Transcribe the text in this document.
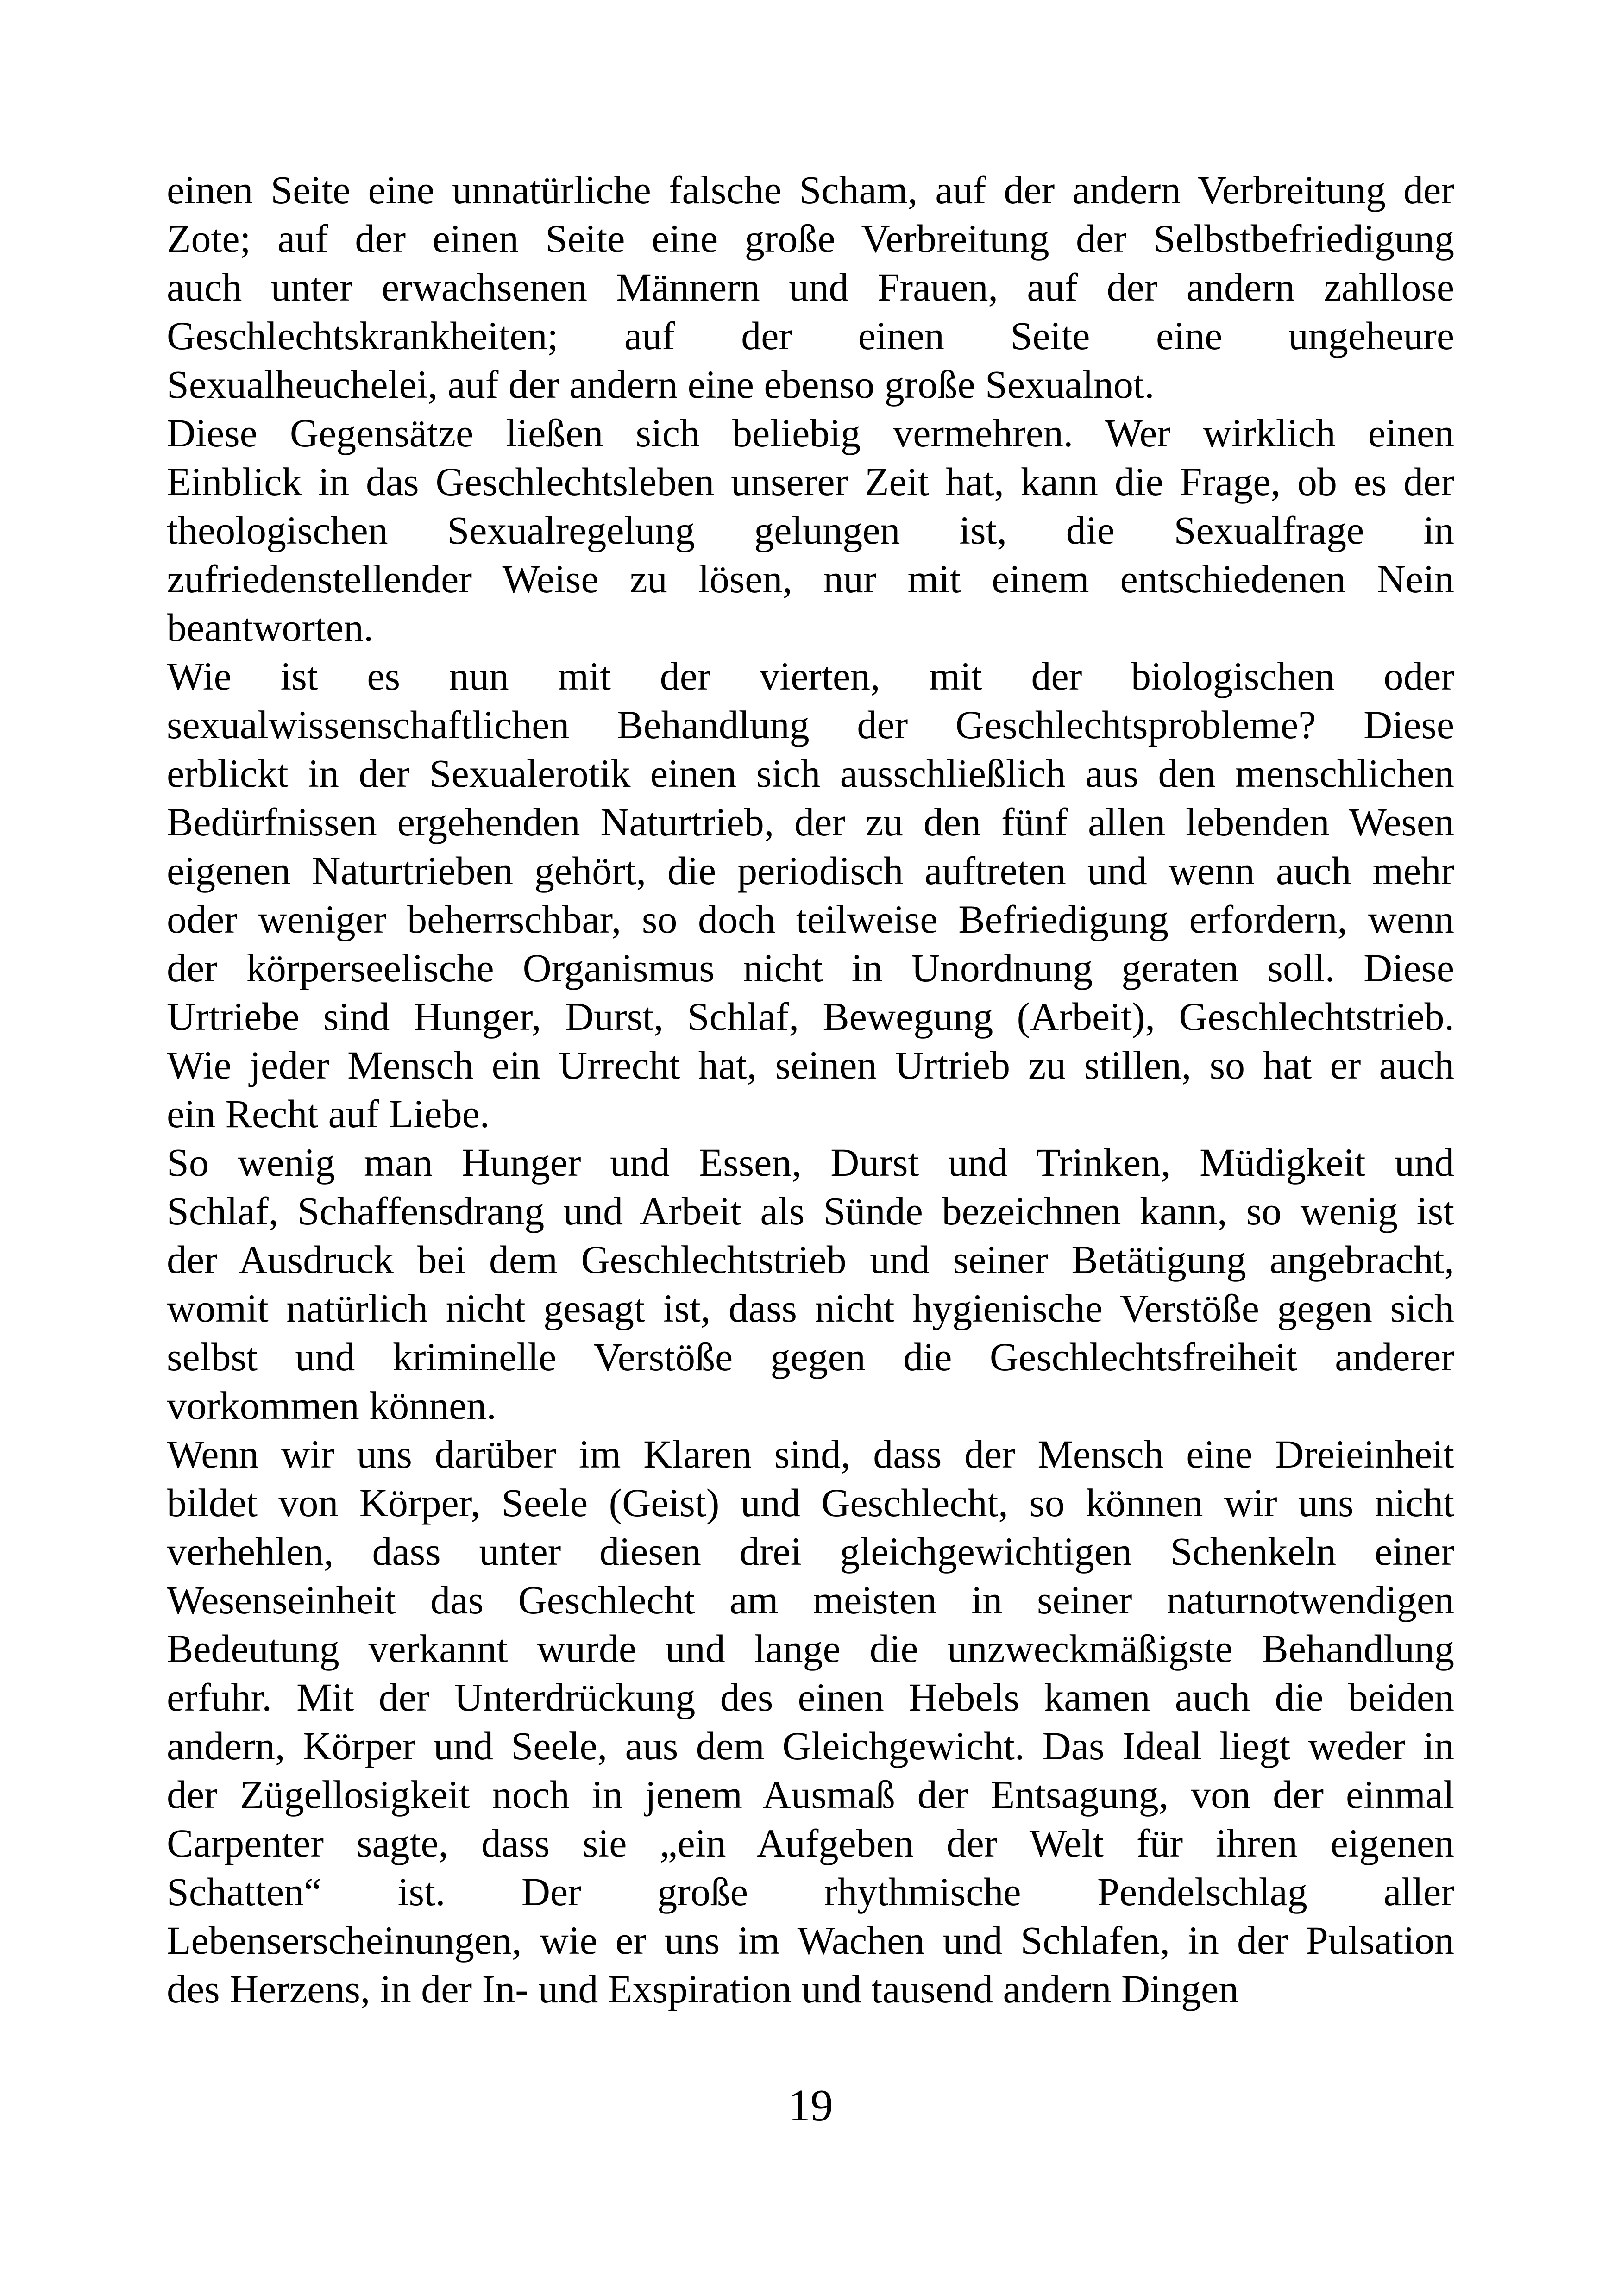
einen Seite eine unnatürliche falsche Scham, auf der andern Verbreitung der
Zote; auf der einen Seite eine große Verbreitung der Selbstbefriedigung
auch unter erwachsenen Männern und Frauen, auf der andern zahllose
Geschlechtskrankheiten; auf der einen Seite eine ungeheure
Sexualheuchelei, auf der andern eine ebenso große Sexualnot.

Diese Gegensätze ließen sich beliebig vermehren. Wer wirklich einen
Einblick in das Geschlechtsleben unserer Zeit hat, kann die Frage, ob es der
theologischen Sexualregelung gelungen ist, die Sexualfrage in
zufriedenstellender Weise zu lösen, nur mit einem entschiedenen Nein
beantworten.

Wie ist es nun mit der vierten, mit der biologischen oder
sexualwissenschaftlichen Behandlung der Geschlechtsprobleme? Diese
erblickt in der Sexualerotik einen sich ausschließlich aus den menschlichen
Bedürfnissen ergehenden Naturtrieb, der zu den fünf allen lebenden Wesen
eigenen Naturtrieben gehört, die periodisch auftreten und wenn auch mehr
oder weniger beherrschbar, so doch teilweise Befriedigung erfordern, wenn
der körperseelische Organismus nicht in Unordnung geraten soll. Diese
Urtriebe sind Hunger, Durst, Schlaf, Bewegung (Arbeit), Geschlechtstrieb.
Wie jeder Mensch ein Urrecht hat, seinen Urtrieb zu stillen, so hat er auch
ein Recht auf Liebe.

So wenig man Hunger und Essen, Durst und Trinken, Müdigkeit und
Schlaf, Schaffensdrang und Arbeit als Sünde bezeichnen kann, so wenig ist
der Ausdruck bei dem Geschlechtstrieb und seiner Betätigung angebracht,
womit natürlich nicht gesagt ist, dass nicht hygienische Verstöße gegen sich
selbst und kriminelle Verstöße gegen die Geschlechtsfreiheit anderer
vorkommen können.

Wenn wir uns darüber im Klaren sind, dass der Mensch eine Dreieinheit
bildet von Körper, Seele (Geist) und Geschlecht, so können wir uns nicht
verhehlen, dass unter diesen drei gleichgewichtigen Schenkeln einer
Wesenseinheit das Geschlecht am meisten in seiner naturnotwendigen
Bedeutung verkannt wurde und lange die unzweckmäßigste Behandlung
erfuhr. Mit der Unterdrückung des einen Hebels kamen auch die beiden
andern, Körper und Seele, aus dem Gleichgewicht. Das Ideal liegt weder in
der Zügellosigkeit noch in jenem Ausmaß der Entsagung, von der einmal
Carpenter sagte, dass sie „ein Aufgeben der Welt für ihren eigenen
Schatten“ ist. Der große rhythmische Pendelschlag aller
Lebenserscheinungen, wie er uns im Wachen und Schlafen, in der Pulsation
des Herzens, in der In- und Exspiration und tausend andern Dingen

19
